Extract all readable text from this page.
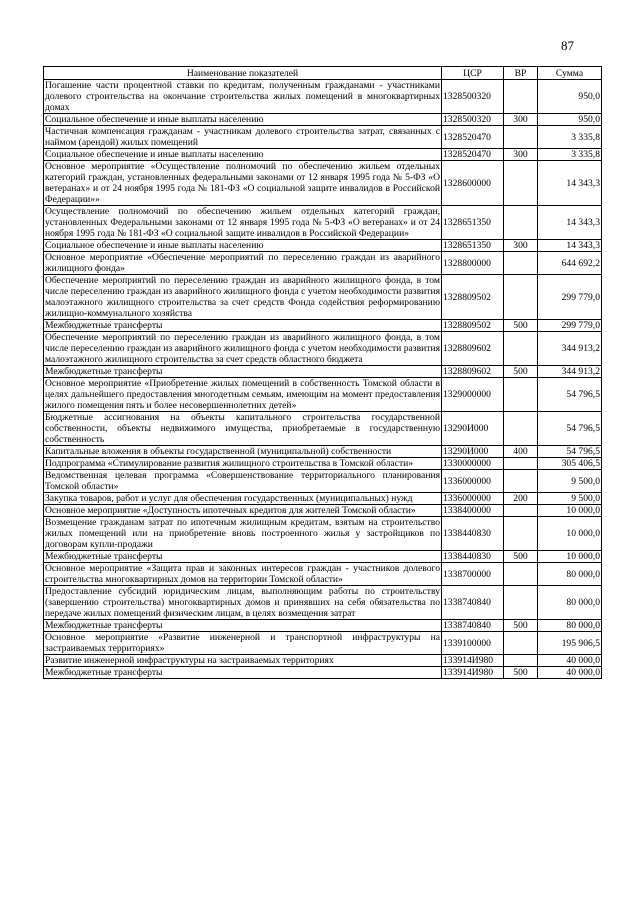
87
Наименование показателей	ЦСР	ВР	Сумма
Погашение части процентной ставки по кредитам, полученным гражданами - участниками долевого строительства на окончание строительства жилых помещений в многоквартирных домах	1328500320		950,0
Социальное обеспечение и иные выплаты населению	1328500320	300	950,0
Частичная компенсация гражданам - участникам долевого строительства затрат, связанных с наймом (арендой) жилых помещений	1328520470		3 335,8
Социальное обеспечение и иные выплаты населению	1328520470	300	3 335,8
Основное мероприятие «Осуществление полномочий по обеспечению жильем отдельных категорий граждан, установленных федеральными законами от 12 января 1995 года № 5-ФЗ «О ветеранах» и от 24 ноября 1995 года № 181-ФЗ «О социальной защите инвалидов в Российской Федерации»»	1328600000		14 343,3
Осуществление полномочий по обеспечению жильем отдельных категорий граждан, установленных Федеральными законами от 12 января 1995 года № 5-ФЗ «О ветеранах» и от 24 ноября 1995 года № 181-ФЗ «О социальной защите инвалидов в Российской Федерации»	1328651350		14 343,3
Социальное обеспечение и иные выплаты населению	1328651350	300	14 343,3
Основное мероприятие «Обеспечение мероприятий по переселению граждан из аварийного жилищного фонда»	1328800000		644 692,2
Обеспечение мероприятий по переселению граждан из аварийного жилищного фонда, в том числе переселению граждан из аварийного жилищного фонда с учетом необходимости развития малоэтажного жилищного строительства за счет средств Фонда содействия реформированию жилищно-коммунального хозяйства	1328809502		299 779,0
Межбюджетные трансферты	1328809502	500	299 779,0
Обеспечение мероприятий по переселению граждан из аварийного жилищного фонда, в том числе переселению граждан из аварийного жилищного фонда с учетом необходимости развития малоэтажного жилищного строительства за счет средств областного бюджета	1328809602		344 913,2
Межбюджетные трансферты	1328809602	500	344 913,2
Основное мероприятие «Приобретение жилых помещений в собственность Томской области в целях дальнейшего предоставления многодетным семьям, имеющим на момент предоставления жилого помещения пять и более несовершеннолетних детей»	1329000000		54 796,5
Бюджетные ассигнования на объекты капитального строительства государственной собственности, объекты недвижимого имущества, приобретаемые в государственную собственность	13290И000		54 796,5
Капитальные вложения в объекты государственной (муниципальной) собственности	13290И000	400	54 796,5
Подпрограмма «Стимулирование развития жилищного строительства в Томской области»	1330000000		305 406,5
Ведомственная целевая программа «Совершенствование территориального планирования Томской области»	1336000000		9 500,0
Закупка товаров, работ и услуг для обеспечения государственных (муниципальных) нужд	1336000000	200	9 500,0
Основное мероприятие «Доступность ипотечных кредитов для жителей Томской области»	1338400000		10 000,0
Возмещение гражданам затрат по ипотечным жилищным кредитам, взятым на строительство жилых помещений или на приобретение вновь построенного жилья у застройщиков по договорам купли-продажи	1338440830		10 000,0
Межбюджетные трансферты	1338440830	500	10 000,0
Основное мероприятие «Защита прав и законных интересов граждан - участников долевого строительства многоквартирных домов на территории Томской области»	1338700000		80 000,0
Предоставление субсидий юридическим лицам, выполняющим работы по строительству (завершению строительства) многоквартирных домов и принявших на себя обязательства по передаче жилых помещений физическим лицам, в целях возмещения затрат	1338740840		80 000,0
Межбюджетные трансферты	1338740840	500	80 000,0
Основное мероприятие «Развитие инженерной и транспортной инфраструктуры на застраиваемых территориях»	1339100000		195 906,5
Развитие инженерной инфраструктуры на застраиваемых территориях	133914И980		40 000,0
Межбюджетные трансферты	133914И980	500	40 000,0
